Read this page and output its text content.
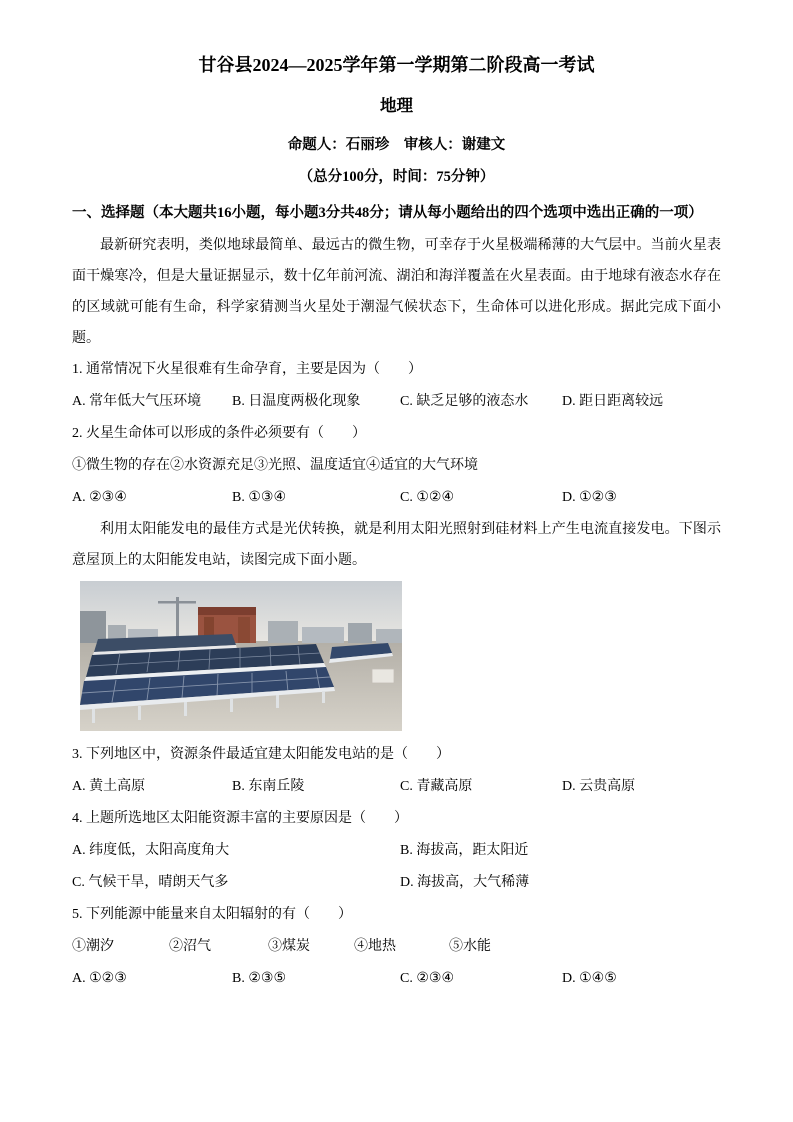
甘谷县2024—2025学年第一学期第二阶段高一考试
地理
命题人：石丽珍　审核人：谢建文
（总分100分，时间：75分钟）
一、选择题（本大题共16小题，每小题3分共48分；请从每小题给出的四个选项中选出正确的一项）

最新研究表明，类似地球最简单、最远古的微生物，可幸存于火星极端稀薄的大气层中。当前火星表面干燥寒冷，但是大量证据显示，数十亿年前河流、湖泊和海洋覆盖在火星表面。由于地球有液态水存在的区域就可能有生命，科学家猜测当火星处于潮湿气候状态下，生命体可以进化形成。据此完成下面小题。

1. 通常情况下火星很难有生命孕育，主要是因为（　　）

A. 常年低大气压环境	B. 日温度两极化现象	C. 缺乏足够的液态水	D. 距日距离较远

2. 火星生命体可以形成的条件必须要有（　　）

①微生物的存在②水资源充足③光照、温度适宜④适宜的大气环境

A. ②③④	B. ①③④	C. ①②④	D. ①②③

利用太阳能发电的最佳方式是光伏转换，就是利用太阳光照射到硅材料上产生电流直接发电。下图示意屋顶上的太阳能发电站，读图完成下面小题。

3. 下列地区中，资源条件最适宜建太阳能发电站的是（　　）

A. 黄土高原	B. 东南丘陵	C. 青藏高原	D. 云贵高原

4. 上题所选地区太阳能资源丰富的主要原因是（　　）

A. 纬度低，太阳高度角大	B. 海拔高，距太阳近
C. 气候干旱，晴朗天气多	D. 海拔高，大气稀薄

5. 下列能源中能量来自太阳辐射的有（　　）

①潮汐	②沼气	③煤炭	④地热	⑤水能
A. ①②③	B. ②③⑤	C. ②③④	D. ①④⑤
